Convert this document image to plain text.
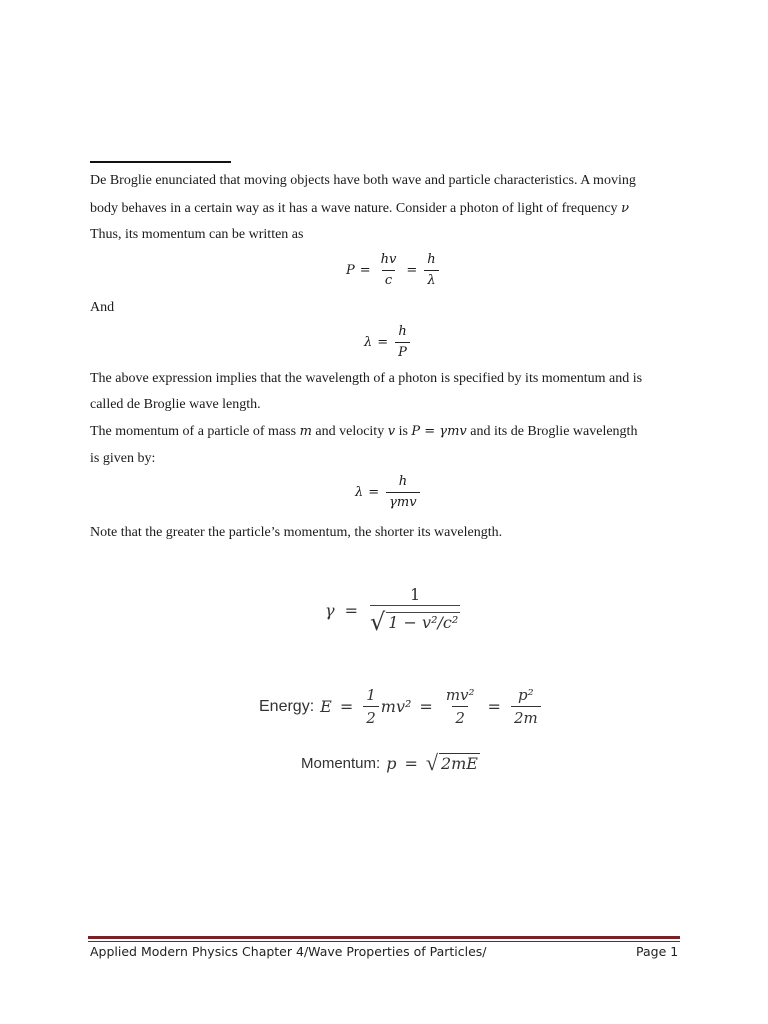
De Broglie enunciated that moving objects have both wave and particle characteristics. A moving
body behaves in a certain way as it has a wave nature. Consider a photon of light of frequency ν
Thus, its momentum can be written as
$P = \frac{hv}{c} = \frac{h}{\lambda}$
And
$\lambda = \frac{h}{P}$
The above expression implies that the wavelength of a photon is specified by its momentum and is
called de Broglie wave length.
The momentum of a particle of mass m and velocity v is P = γmv and its de Broglie wavelength
is given by:
$\lambda = \frac{h}{\text{γmv}}$
Note that the greater the particle’s momentum, the shorter its wavelength.
$\gamma = \frac{1}{\text{√ 1 − v²/c²}}$
Energy: $E = \frac{1}{2} mv^2 = \frac{\text{mv²}}{2} = \frac{\text{p²}}{2m}$
Momentum: p = √ 2mE
Applied Modern Physics Chapter 4/Wave Properties of Particles/	Page 1
